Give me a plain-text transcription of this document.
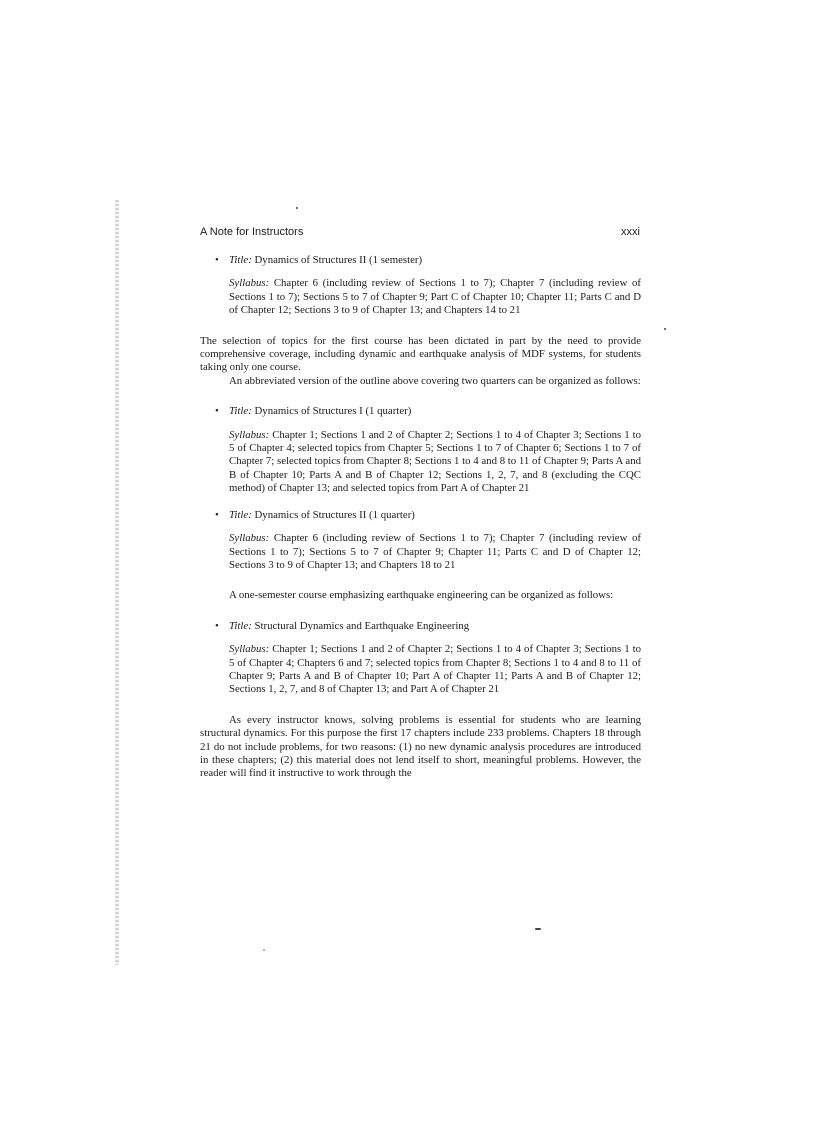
A Note for Instructors	xxxi
• Title: Dynamics of Structures II (1 semester)

Syllabus: Chapter 6 (including review of Sections 1 to 7); Chapter 7 (including review of Sections 1 to 7); Sections 5 to 7 of Chapter 9; Part C of Chapter 10; Chapter 11; Parts C and D of Chapter 12; Sections 3 to 9 of Chapter 13; and Chapters 14 to 21

The selection of topics for the first course has been dictated in part by the need to provide comprehensive coverage, including dynamic and earthquake analysis of MDF systems, for students taking only one course.

An abbreviated version of the outline above covering two quarters can be organized as follows:

• Title: Dynamics of Structures I (1 quarter)

Syllabus: Chapter 1; Sections 1 and 2 of Chapter 2; Sections 1 to 4 of Chapter 3; Sections 1 to 5 of Chapter 4; selected topics from Chapter 5; Sections 1 to 7 of Chapter 6; Sections 1 to 7 of Chapter 7; selected topics from Chapter 8; Sections 1 to 4 and 8 to 11 of Chapter 9; Parts A and B of Chapter 10; Parts A and B of Chapter 12; Sections 1, 2, 7, and 8 (excluding the CQC method) of Chapter 13; and selected topics from Part A of Chapter 21

• Title: Dynamics of Structures II (1 quarter)

Syllabus: Chapter 6 (including review of Sections 1 to 7); Chapter 7 (including review of Sections 1 to 7); Sections 5 to 7 of Chapter 9; Chapter 11; Parts C and D of Chapter 12; Sections 3 to 9 of Chapter 13; and Chapters 18 to 21

A one-semester course emphasizing earthquake engineering can be organized as follows:

• Title: Structural Dynamics and Earthquake Engineering

Syllabus: Chapter 1; Sections 1 and 2 of Chapter 2; Sections 1 to 4 of Chapter 3; Sections 1 to 5 of Chapter 4; Chapters 6 and 7; selected topics from Chapter 8; Sections 1 to 4 and 8 to 11 of Chapter 9; Parts A and B of Chapter 10; Part A of Chapter 11; Parts A and B of Chapter 12; Sections 1, 2, 7, and 8 of Chapter 13; and Part A of Chapter 21

As every instructor knows, solving problems is essential for students who are learning structural dynamics. For this purpose the first 17 chapters include 233 problems. Chapters 18 through 21 do not include problems, for two reasons: (1) no new dynamic analysis procedures are introduced in these chapters; (2) this material does not lend itself to short, meaningful problems. However, the reader will find it instructive to work through the
